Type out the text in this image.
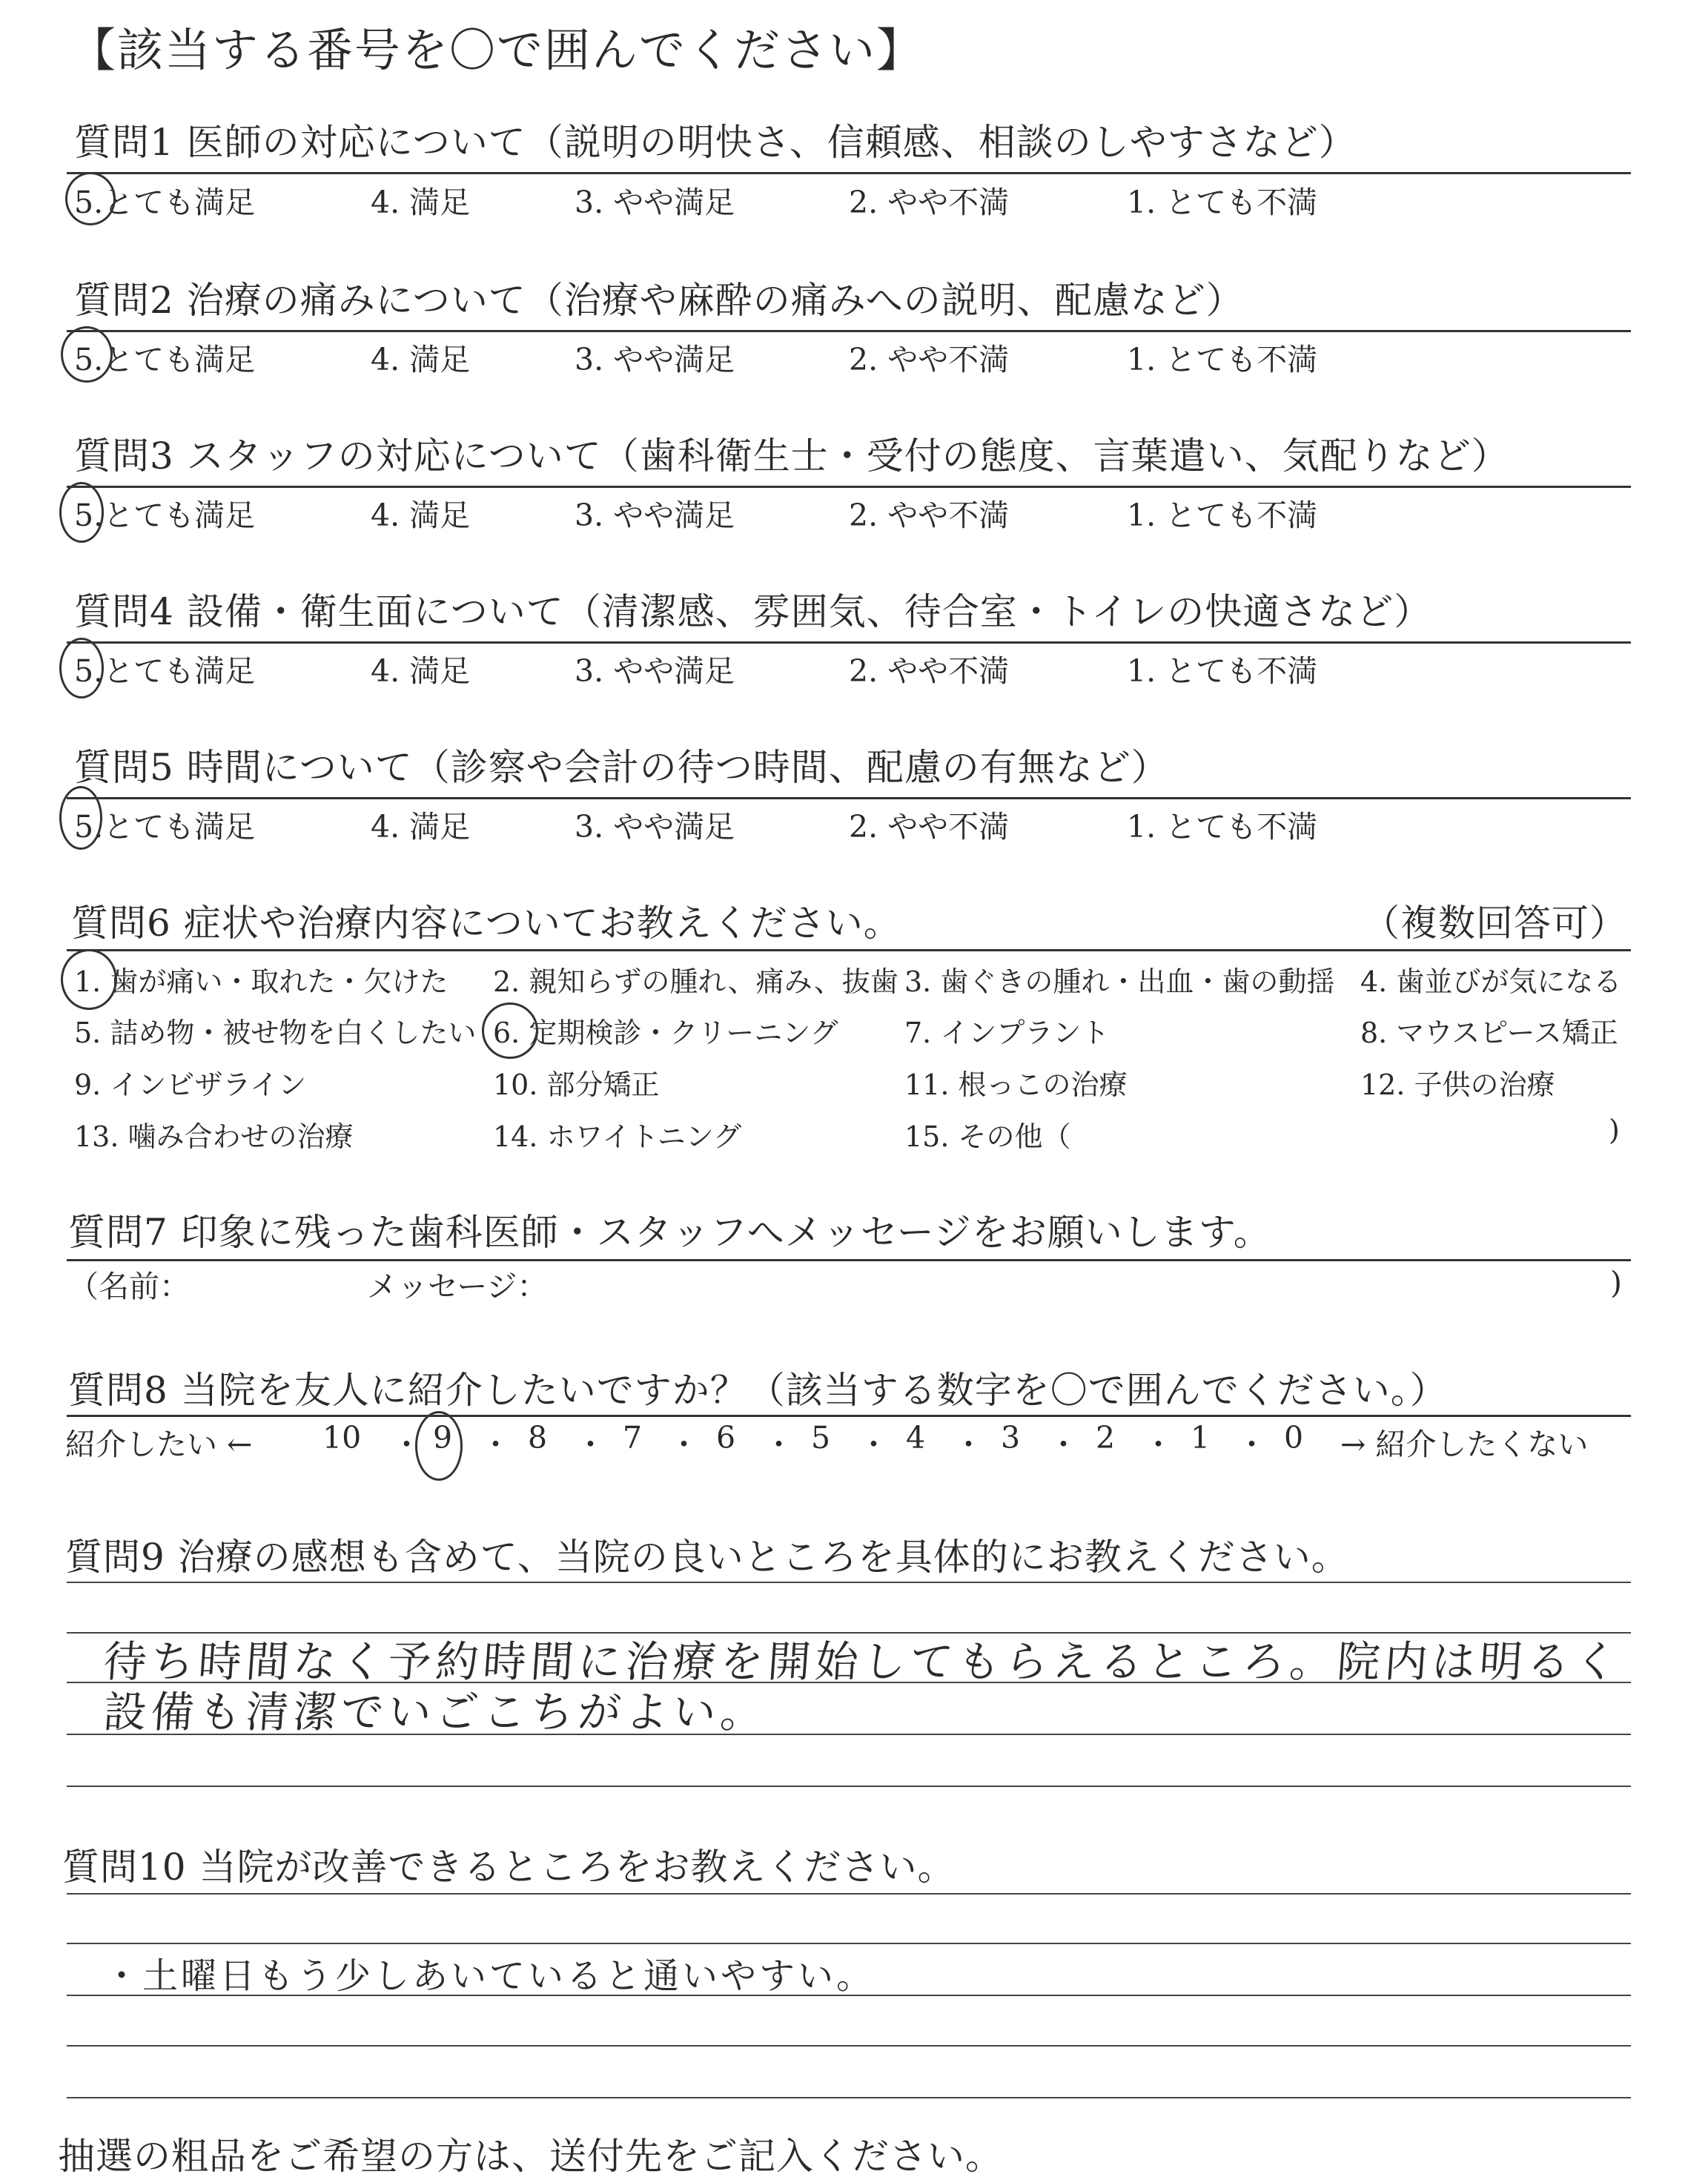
【該当する番号を〇で囲んでください】
質問1 医師の対応について（説明の明快さ、信頼感、相談のしやすさなど）
5.とても満足	4. 満足	3. やや満足	2. やや不満	1. とても不満
質問2 治療の痛みについて（治療や麻酔の痛みへの説明、配慮など）
5.とても満足	4. 満足	3. やや満足	2. やや不満	1. とても不満
質問3 スタッフの対応について（歯科衛生士・受付の態度、言葉遣い、気配りなど）
5.とても満足	4. 満足	3. やや満足	2. やや不満	1. とても不満
質問4 設備・衛生面について（清潔感、雰囲気、待合室・トイレの快適さなど）
5.とても満足	4. 満足	3. やや満足	2. やや不満	1. とても不満
質問5 時間について（診察や会計の待つ時間、配慮の有無など）
5.とても満足	4. 満足	3. やや満足	2. やや不満	1. とても不満
質問6 症状や治療内容についてお教えください。	（複数回答可）
1. 歯が痛い・取れた・欠けた 2. 親知らずの腫れ、痛み、抜歯 3. 歯ぐきの腫れ・出血・歯の動揺 4. 歯並びが気になる
5. 詰め物・被せ物を白くしたい 6. 定期検診・クリーニング 7. インプラント	8. マウスピース矯正
9. インビザライン	10. 部分矯正	11. 根っこの治療	12. 子供の治療
13. 噛み合わせの治療	14. ホワイトニング	15. その他（	)
質問7 印象に残った歯科医師・スタッフへメッセージをお願いします。
（名前：	メッセージ：	)
質問8 当院を友人に紹介したいですか？（該当する数字を〇で囲んでください。）
紹介したい ←	→ 紹介したくない
10 9 8 7 6 5 4 3 2 1 0
・ ・ ・ ・ ・ ・ ・ ・ ・ ・
質問9 治療の感想も含めて、当院の良いところを具体的にお教えください。
待ち時間なく予約時間に治療を開始してもらえるところ。院内は明るく
設備も清潔でいごこちがよい。
質問10 当院が改善できるところをお教えください。
・土曜日もう少しあいていると通いやすい。
抽選の粗品をご希望の方は、送付先をご記入ください。
